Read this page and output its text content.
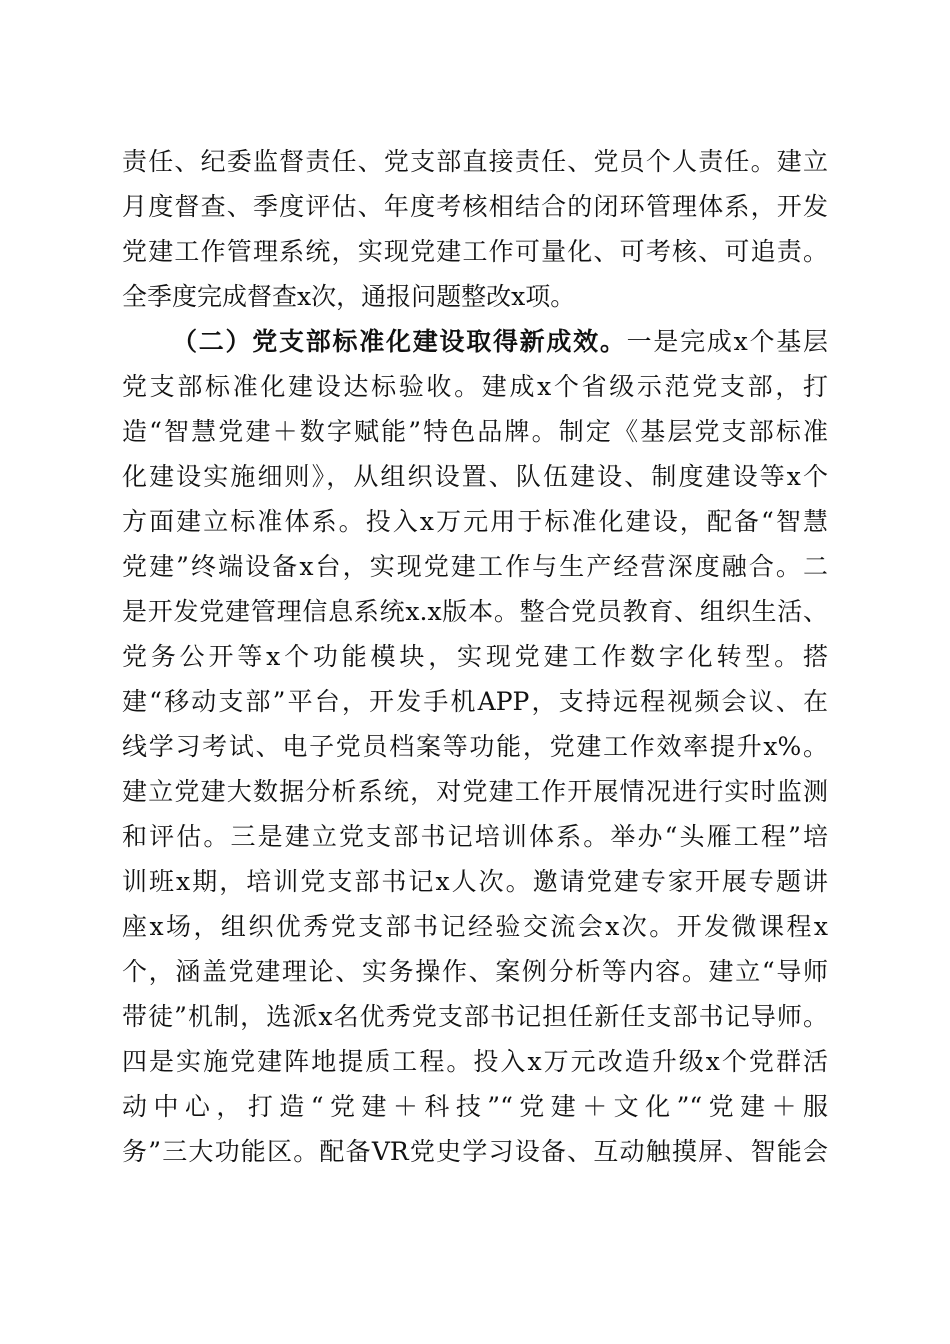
责任、纪委监督责任、党支部直接责任、党员个人责任。建立
月度督查、季度评估、年度考核相结合的闭环管理体系，开发
党建工作管理系统，实现党建工作可量化、可考核、可追责。
全季度完成督查x次，通报问题整改x项。
（二）党支部标准化建设取得新成效。一是完成x个基层
党支部标准化建设达标验收。建成x个省级示范党支部，打
造“智慧党建＋数字赋能”特色品牌。制定《基层党支部标准
化建设实施细则》，从组织设置、队伍建设、制度建设等x个
方面建立标准体系。投入x万元用于标准化建设，配备“智慧
党建”终端设备x台，实现党建工作与生产经营深度融合。二
是开发党建管理信息系统x.x版本。整合党员教育、组织生活、
党务公开等x个功能模块，实现党建工作数字化转型。搭
建“移动支部”平台，开发手机APP，支持远程视频会议、在
线学习考试、电子党员档案等功能，党建工作效率提升x%。
建立党建大数据分析系统，对党建工作开展情况进行实时监测
和评估。三是建立党支部书记培训体系。举办“头雁工程”培
训班x期，培训党支部书记x人次。邀请党建专家开展专题讲
座x场，组织优秀党支部书记经验交流会x次。开发微课程x
个，涵盖党建理论、实务操作、案例分析等内容。建立“导师
带徒”机制，选派x名优秀党支部书记担任新任支部书记导师。
四是实施党建阵地提质工程。投入x万元改造升级x个党群活
动中心，打造“党建＋科技”“党建＋文化”“党建＋服
务”三大功能区。配备VR党史学习设备、互动触摸屏、智能会
